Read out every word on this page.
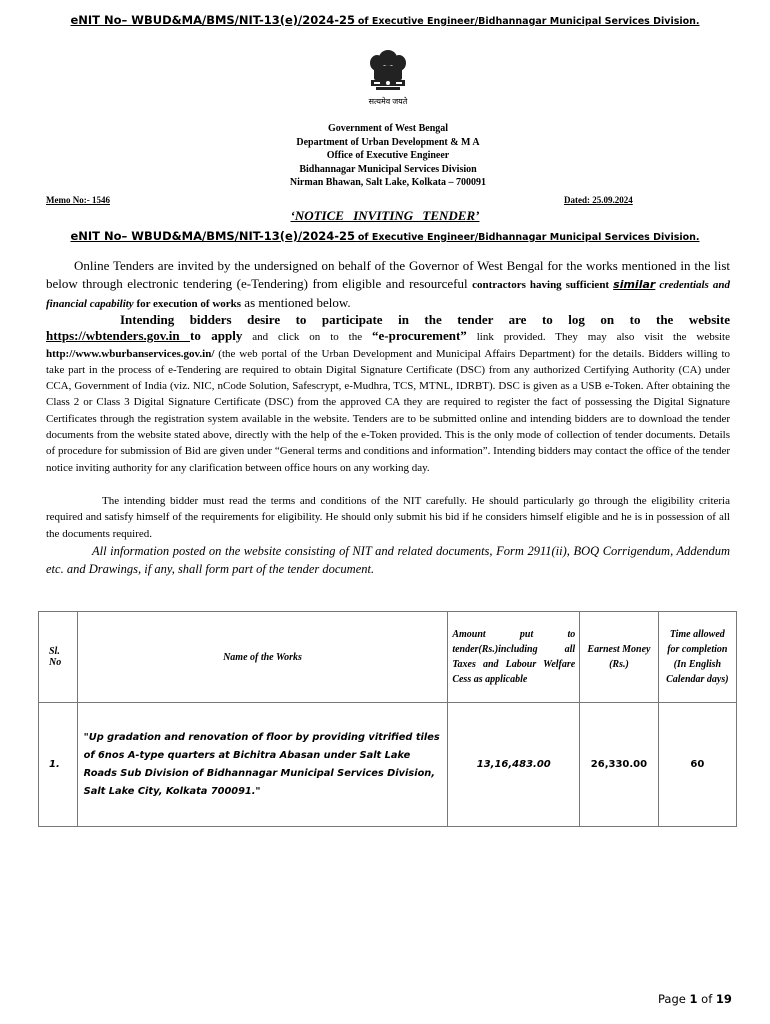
eNIT No– WBUD&MA/BMS/NIT-13(e)/2024-25 of Executive Engineer/Bidhannagar Municipal Services Division.
सत्यमेव जयते
Government of West Bengal
Department of Urban Development & M A
Office of Executive Engineer
Bidhannagar Municipal Services Division
Nirman Bhawan, Salt Lake, Kolkata – 700091
Memo No:- 1546	Dated: 25.09.2024
‘NOTICE INVITING TENDER’
eNIT No– WBUD&MA/BMS/NIT-13(e)/2024-25 of Executive Engineer/Bidhannagar Municipal Services Division.
Online Tenders are invited by the undersigned on behalf of the Governor of West Bengal for the works mentioned in the list below through electronic tendering (e-Tendering) from eligible and resourceful contractors having sufficient similar credentials and financial capability for execution of works as mentioned below.
Intending bidders desire to participate in the tender are to log on to the website
https://wbtenders.gov.in to apply and click on to the “e-procurement” link provided. They may also visit the website http://www.wburbanservices.gov.in/ (the web portal of the Urban Development and Municipal Affairs Department) for the details. Bidders willing to take part in the process of e-Tendering are required to obtain Digital Signature Certificate (DSC) from any authorized Certifying Authority (CA) under CCA, Government of India (viz. NIC, nCode Solution, Safescrypt, e-Mudhra, TCS, MTNL, IDRBT). DSC is given as a USB e-Token. After obtaining the Class 2 or Class 3 Digital Signature Certificate (DSC) from the approved CA they are required to register the fact of possessing the Digital Signature Certificates through the registration system available in the website. Tenders are to be submitted online and intending bidders are to download the tender documents from the website stated above, directly with the help of the e-Token provided. This is the only mode of collection of tender documents. Details of procedure for submission of Bid are given under “General terms and conditions and information”. Intending bidders may contact the office of the tender notice inviting authority for any clarification between office hours on any working day.
The intending bidder must read the terms and conditions of the NIT carefully. He should particularly go through the eligibility criteria required and satisfy himself of the requirements for eligibility. He should only submit his bid if he considers himself eligible and he is in possession of all the documents required.
All information posted on the website consisting of NIT and related documents, Form 2911(ii), BOQ Corrigendum, Addendum etc. and Drawings, if any, shall form part of the tender document.
Sl. No	Name of the Works	Amount put to tender(Rs.)including all Taxes and Labour Welfare Cess as applicable	Earnest Money (Rs.)	Time allowed for completion (In English Calendar days)
1.	"Up gradation and renovation of floor by providing vitrified tiles of 6nos A-type quarters at Bichitra Abasan under Salt Lake Roads Sub Division of Bidhannagar Municipal Services Division, Salt Lake City, Kolkata 700091."	13,16,483.00	26,330.00	60
Page 1 of 19
